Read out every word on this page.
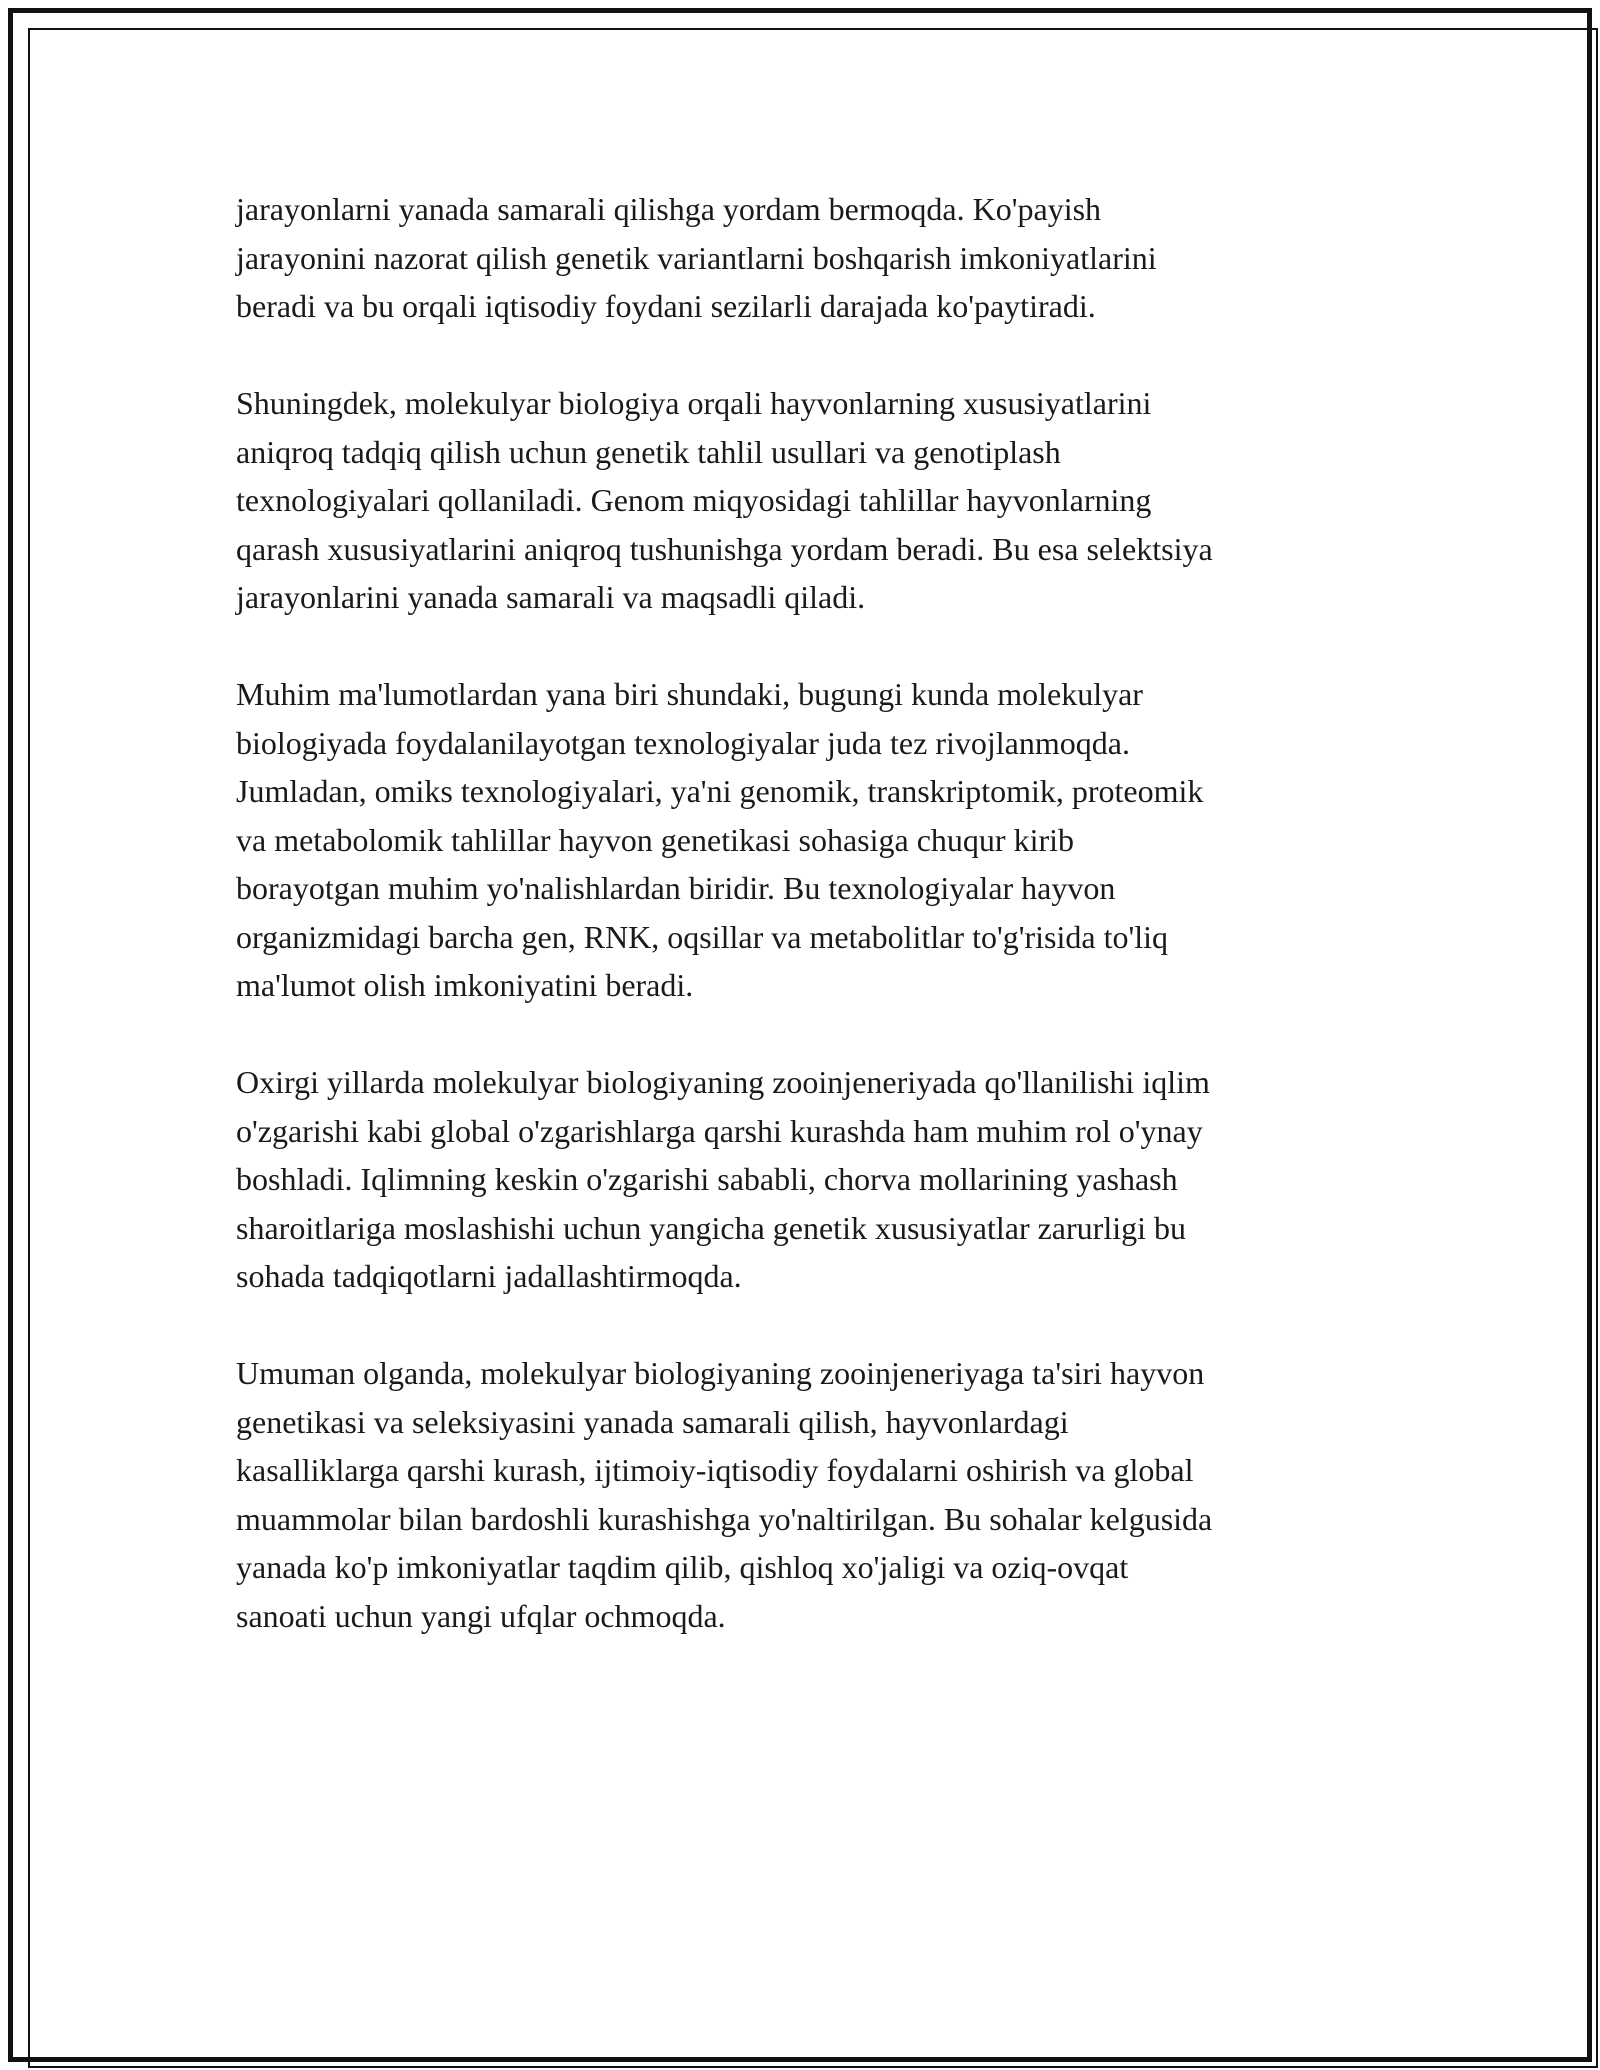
jarayonlarni yanada samarali qilishga yordam bermoqda. Ko'payish
jarayonini nazorat qilish genetik variantlarni boshqarish imkoniyatlarini
beradi va bu orqali iqtisodiy foydani sezilarli darajada ko'paytiradi.

Shuningdek, molekulyar biologiya orqali hayvonlarning xususiyatlarini
aniqroq tadqiq qilish uchun genetik tahlil usullari va genotiplash
texnologiyalari qollaniladi. Genom miqyosidagi tahlillar hayvonlarning
qarash xususiyatlarini aniqroq tushunishga yordam beradi. Bu esa selektsiya
jarayonlarini yanada samarali va maqsadli qiladi.

Muhim ma'lumotlardan yana biri shundaki, bugungi kunda molekulyar
biologiyada foydalanilayotgan texnologiyalar juda tez rivojlanmoqda.
Jumladan, omiks texnologiyalari, ya'ni genomik, transkriptomik, proteomik
va metabolomik tahlillar hayvon genetikasi sohasiga chuqur kirib
borayotgan muhim yo'nalishlardan biridir. Bu texnologiyalar hayvon
organizmidagi barcha gen, RNK, oqsillar va metabolitlar to'g'risida to'liq
ma'lumot olish imkoniyatini beradi.

Oxirgi yillarda molekulyar biologiyaning zooinjeneriyada qo'llanilishi iqlim
o'zgarishi kabi global o'zgarishlarga qarshi kurashda ham muhim rol o'ynay
boshladi. Iqlimning keskin o'zgarishi sababli, chorva mollarining yashash
sharoitlariga moslashishi uchun yangicha genetik xususiyatlar zarurligi bu
sohada tadqiqotlarni jadallashtirmoqda.

Umuman olganda, molekulyar biologiyaning zooinjeneriyaga ta'siri hayvon
genetikasi va seleksiyasini yanada samarali qilish, hayvonlardagi
kasalliklarga qarshi kurash, ijtimoiy-iqtisodiy foydalarni oshirish va global
muammolar bilan bardoshli kurashishga yo'naltirilgan. Bu sohalar kelgusida
yanada ko'p imkoniyatlar taqdim qilib, qishloq xo'jaligi va oziq-ovqat
sanoati uchun yangi ufqlar ochmoqda.
